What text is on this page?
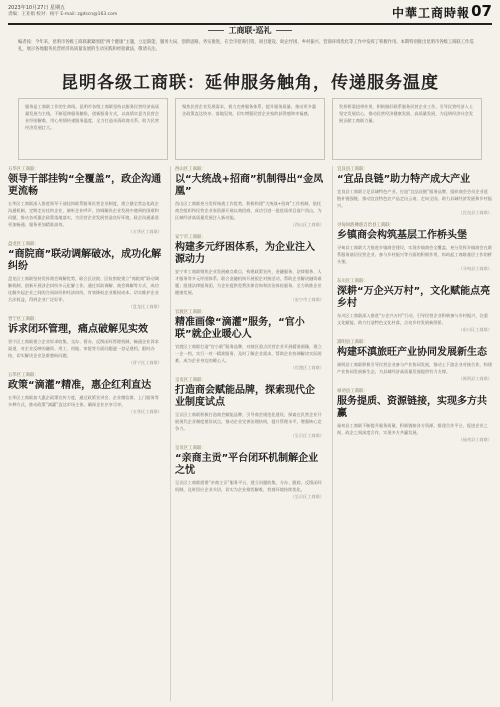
2023年10月27日 星期五
责编：王亚娟 校对：杨宇 E-mail: zgdscn@163.com	中華工商時報 07
工商联·巡礼
编者按：今年来，昆明市各级工商联紧紧围绕“两个健康”主题，立足职能，服务大局，创新思路，务实推进，在全市招商引资、项目建设、助企纾困、乡村振兴、营商环境优化等工作中发挥了积极作用。本期特别推出昆明市各级工商联工作巡礼，展示各地服务民营经济高质量发展的生动实践和经验做法，敬请关注。
昆明各级工商联：延伸服务触角，传递服务温度
服务是工商联工作的生命线。昆明市各级工商联坚持以服务民营经济高质量发展为主线，不断延伸服务触角，创新服务方式，以真情实意为民营企业纾困解难，用心用情传递服务温度，全力打造亲清政商关系，助力民营经济发展壮大。
聚焦民营企业发展需求，着力完善服务体系，提升服务质量，推动更多惠企政策直达快享、落地见效，切实增强民营企业家的获得感和幸福感。
发挥桥梁纽带作用，积极做好联系服务民营企业工作，引导民营经济人士坚定发展信心，推动民营经济健康发展、高质量发展，为昆明经济社会发展贡献工商联力量。
五华区工商联：
领导干部挂钩“全覆盖”，政企沟通更流畅
五华区工商联深入推进领导干部挂钩联系服务民营企业制度，建立健全常态化政企沟通机制，定期走访挂钩企业，倾听企业呼声，协调解决企业发展中遇到的困难和问题，推动各项惠企政策落地落实，为民营企业发展营造良好环境，政企沟通渠道更加畅通，服务更加精准高效。
（五华区工商联）
盘龙区工商联：
“商院商”联动调解破冰，成功化解纠纷
盘龙区工商联坚持发挥商会调解优势，联合区法院、区检察院建立“商院商”联动调解机制，创新开展涉企纠纷多元化解工作。通过诉前调解、商会调解等方式，成功化解多起企业之间的合同纠纷和经济纠纷，有效降低企业维权成本，切实维护企业合法权益，得到企业广泛好评。
（盘龙区工商联）
晋宁区工商联：
诉求闭环管理，痛点破解见实效
晋宁区工商联建立企业诉求收集、交办、督办、反馈闭环管理机制，畅通企业诉求渠道，对企业反映的融资、用工、用地、审批等方面问题逐一登记建档，限时办结，切实解决企业急难愁盼问题。
（晋宁区工商联）
五华区工商联：
政策“滴灌”精准，惠企红利直达
五华区工商联加大惠企政策宣传力度，通过政策宣讲会、企业微信群、上门服务等多种方式，推动政策“滴灌”直达市场主体，确保企业应享尽享。
（五华区工商联）
西山区工商联：
以“大统战+招商”机制得出“金凤凰”
西山区工商联充分发挥统战工作优势，积极构建“大统战+招商”工作机制，依托商会组织和民营企业家资源开展以商招商，成功引进一批优质项目落户西山，为区域经济高质量发展注入新动能。
（西山区工商联）
安宁市工商联：
构建多元纾困体系，为企业注入源动力
安宁市工商联聚焦企业发展痛点难点，构建政策宣传、金融服务、法律服务、人才服务等多元纾困体系。联合金融机构开展银企对接活动，帮助企业解决融资难题；组建法律服务团，为企业提供免费法律咨询和法治体检服务，全力助推企业健康发展。
（安宁市工商联）
官渡区工商联：
精准画像“滴灌”服务，“官小联”就企业暖心人
官渡区工商联打造“官小联”服务品牌，对辖区重点民营企业开展精准画像，建立一企一档，实行一对一精准服务，及时了解企业需求，帮助企业协调解决实际困难，成为企业身边的暖心人。
（官渡区工商联）
呈贡区工商联：
打造商会赋能品牌，探索现代企业制度试点
呈贡区工商联积极打造商会赋能品牌，引导商会规范化建设，探索在民营企业开展现代企业制度建设试点，推动企业完善治理结构，提升管理水平，增强核心竞争力。
（呈贡区工商联）
呈贡区工商联：
“亲商主贡”平台闭环机制解企业之忧
呈贡区工商联搭建“亲商主贡”服务平台，建立问题收集、分办、跟踪、反馈闭环机制，及时回应企业关切，切实为企业排忧解难，营商环境持续优化。
（呈贡区工商联）
宜良县工商联：
“宜品良链”助力特产成大产业
宜良县工商联立足县域特色产业，打造“宜品良链”服务品牌，组织商会会员企业延链补链强链，推动宜良特色农产品走出云南、走向全国，助力县域经济发展和乡村振兴。
（宜良县工商联）
寻甸回族彝族自治县工商联：
乡镇商会构筑基层工作桥头堡
寻甸县工商联大力推进乡镇商会建设，实现乡镇商会全覆盖，充分发挥乡镇商会在联系服务基层民营企业、参与乡村振兴等方面的积极作用，构筑起工商联基层工作的桥头堡。
（寻甸县工商联）
东川区工商联：
深耕“万企兴万村”，文化赋能点亮乡村
东川区工商联深入推进“万企兴万村”行动，引导民营企业积极参与乡村振兴，注重文化赋能，助力打造特色文化村落，点亮乡村发展新图景。
（东川区工商联）
嵩明县工商联：
构建环滇旅旺产业协同发展新生态
嵩明县工商联积极引导民营企业参与产业协同发展，推动上下游企业对接合作，构建产业协同发展新生态，为县域经济高质量发展提供有力支撑。
（嵩明县工商联）
禄劝县工商联：
服务提质、资源链接，实现多方共赢
禄劝县工商联不断提升服务质量，积极链接各方资源，搭建合作平台，促进企业之间、政企之间深度合作，实现多方共赢发展。
（禄劝县工商联）
